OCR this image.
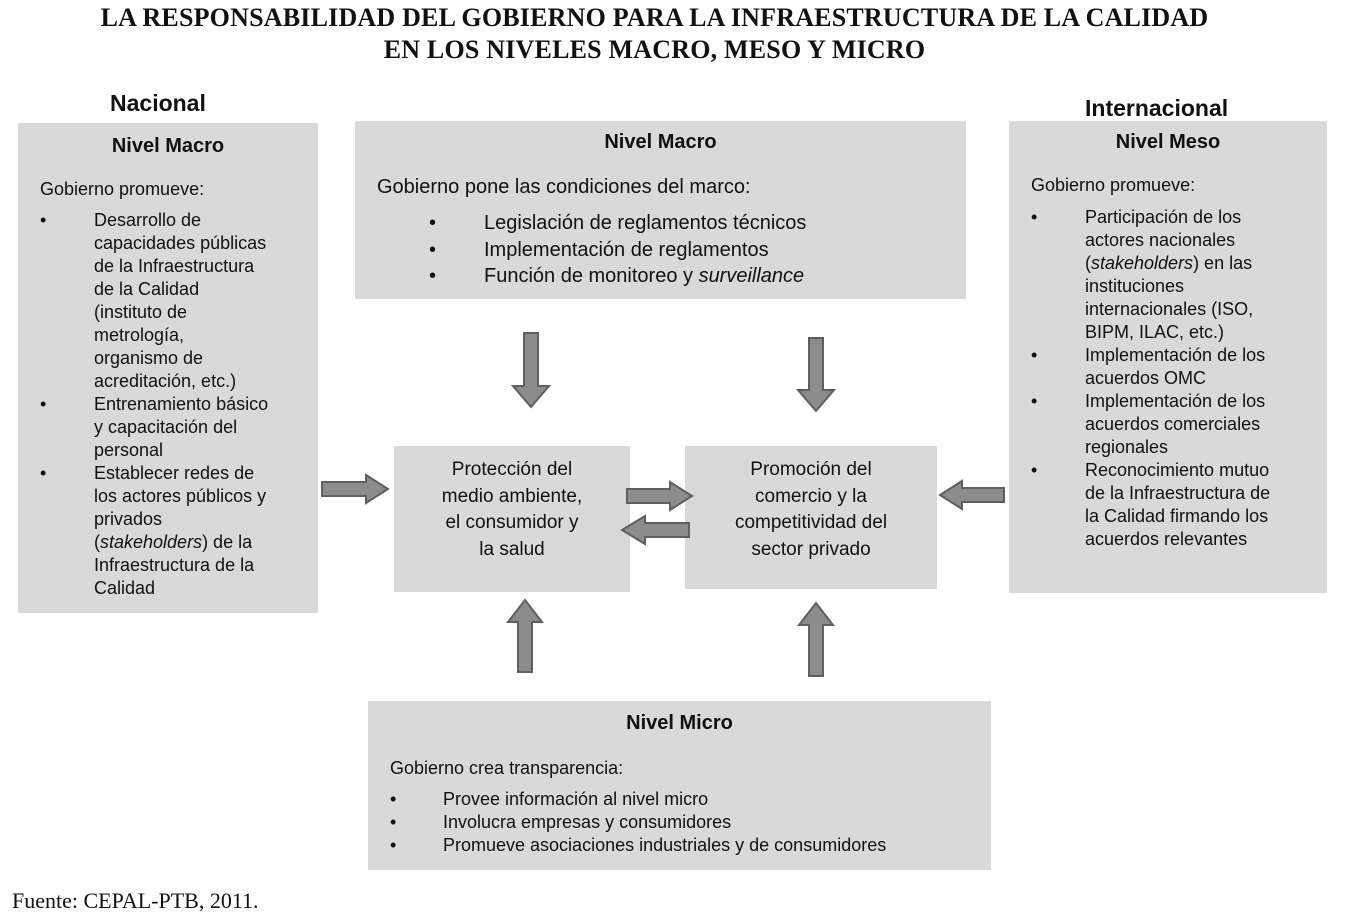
LA RESPONSABILIDAD DEL GOBIERNO PARA LA INFRAESTRUCTURA DE LA CALIDAD
EN LOS NIVELES MACRO, MESO Y MICRO
Nacional	Internacional
Nivel Macro
Gobierno promueve:
• Desarrollo de
capacidades públicas
de la Infraestructura
de la Calidad
(instituto de
metrología,
organismo de
acreditación, etc.)
• Entrenamiento básico
y capacitación del
personal
• Establecer redes de
los actores públicos y
privados
(stakeholders) de la
Infraestructura de la
Calidad
Nivel Macro
Gobierno pone las condiciones del marco:
• Legislación de reglamentos técnicos
• Implementación de reglamentos
• Función de monitoreo y surveillance
Nivel Meso
Gobierno promueve:
• Participación de los
actores nacionales
(stakeholders) en las
instituciones
internacionales (ISO,
BIPM, ILAC, etc.)
• Implementación de los
acuerdos OMC
• Implementación de los
acuerdos comerciales
regionales
• Reconocimiento mutuo
de la Infraestructura de
la Calidad firmando los
acuerdos relevantes
Protección del
medio ambiente,
el consumidor y
la salud
Promoción del
comercio y la
competitividad del
sector privado
Nivel Micro
Gobierno crea transparencia:
• Provee información al nivel micro
• Involucra empresas y consumidores
• Promueve asociaciones industriales y de consumidores
Fuente: CEPAL-PTB, 2011.
